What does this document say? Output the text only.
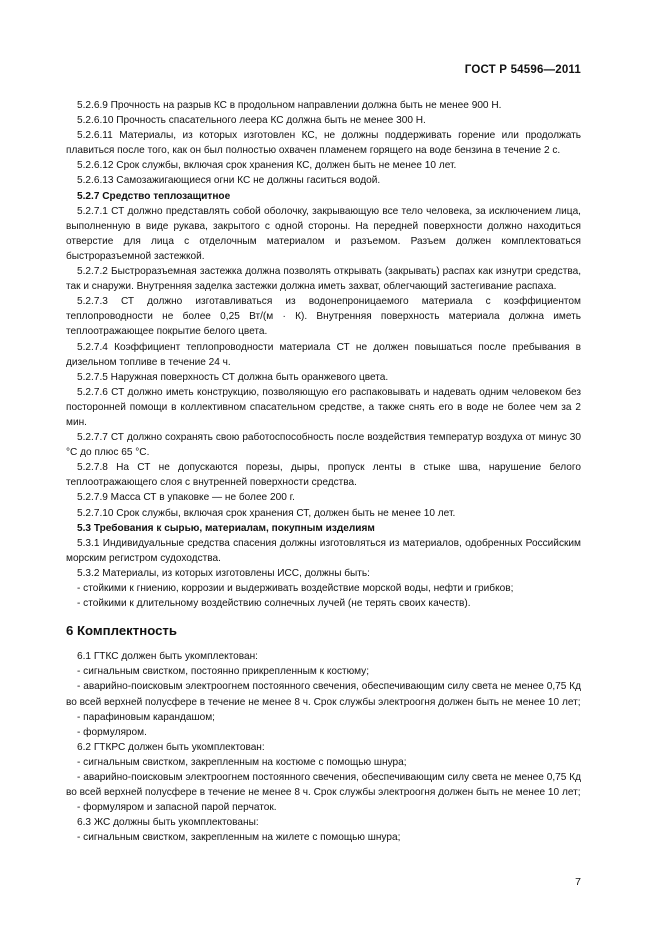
ГОСТ Р 54596—2011

5.2.6.9 Прочность на разрыв КС в продольном направлении должна быть не менее 900 Н.

5.2.6.10 Прочность спасательного леера КС должна быть не менее 300 Н.

5.2.6.11 Материалы, из которых изготовлен КС, не должны поддерживать горение или продолжать плавиться после того, как он был полностью охвачен пламенем горящего на воде бензина в течение 2 с.

5.2.6.12 Срок службы, включая срок хранения КС, должен быть не менее 10 лет.

5.2.6.13 Самозажигающиеся огни КС не должны гаситься водой.

5.2.7 Средство теплозащитное

5.2.7.1 СТ должно представлять собой оболочку, закрывающую все тело человека, за исключением лица, выполненную в виде рукава, закрытого с одной стороны. На передней поверхности должно находиться отверстие для лица с отделочным материалом и разъемом. Разъем должен комплектоваться быстроразъемной застежкой.

5.2.7.2 Быстроразъемная застежка должна позволять открывать (закрывать) распах как изнутри средства, так и снаружи. Внутренняя заделка застежки должна иметь захват, облегчающий застегивание распаха.

5.2.7.3 СТ должно изготавливаться из водонепроницаемого материала с коэффициентом теплопроводности не более 0,25 Вт/(м · К). Внутренняя поверхность материала должна иметь теплоотражающее покрытие белого цвета.

5.2.7.4 Коэффициент теплопроводности материала СТ не должен повышаться после пребывания в дизельном топливе в течение 24 ч.

5.2.7.5 Наружная поверхность СТ должна быть оранжевого цвета.

5.2.7.6 СТ должно иметь конструкцию, позволяющую его распаковывать и надевать одним человеком без посторонней помощи в коллективном спасательном средстве, а также снять его в воде не более чем за 2 мин.

5.2.7.7 СТ должно сохранять свою работоспособность после воздействия температур воздуха от минус 30 °С до плюс 65 °С.

5.2.7.8 На СТ не допускаются порезы, дыры, пропуск ленты в стыке шва, нарушение белого теплоотражающего слоя с внутренней поверхности средства.

5.2.7.9 Масса СТ в упаковке — не более 200 г.

5.2.7.10 Срок службы, включая срок хранения СТ, должен быть не менее 10 лет.

5.3 Требования к сырью, материалам, покупным изделиям

5.3.1 Индивидуальные средства спасения должны изготовляться из материалов, одобренных Российским морским регистром судоходства.

5.3.2 Материалы, из которых изготовлены ИСС, должны быть:

- стойкими к гниению, коррозии и выдерживать воздействие морской воды, нефти и грибков;

- стойкими к длительному воздействию солнечных лучей (не терять своих качеств).

6 Комплектность

6.1 ГТКС должен быть укомплектован:

- сигнальным свистком, постоянно прикрепленным к костюму;

- аварийно-поисковым электроогнем постоянного свечения, обеспечивающим силу света не менее 0,75 Кд во всей верхней полусфере в течение не менее 8 ч. Срок службы электроогня должен быть не менее 10 лет;

- парафиновым карандашом;

- формуляром.

6.2 ГТКРС должен быть укомплектован:

- сигнальным свистком, закрепленным на костюме с помощью шнура;

- аварийно-поисковым электроогнем постоянного свечения, обеспечивающим силу света не менее 0,75 Кд во всей верхней полусфере в течение не менее 8 ч. Срок службы электроогня должен быть не менее 10 лет;

- формуляром и запасной парой перчаток.

6.3 ЖС должны быть укомплектованы:

- сигнальным свистком, закрепленным на жилете с помощью шнура;

7
